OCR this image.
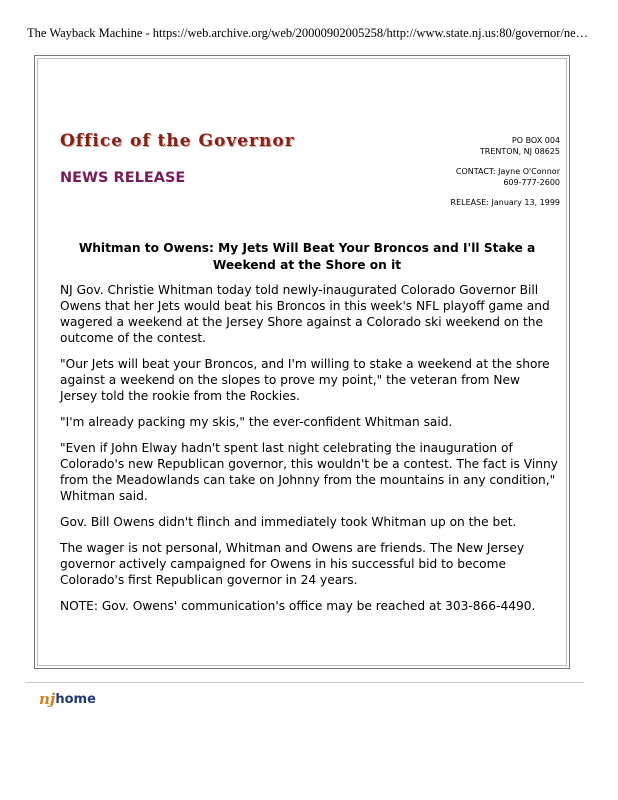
The Wayback Machine - https://web.archive.org/web/20000902005258/http://www.state.nj.us:80/governor/ne…
Office of the Governor
NEWS RELEASE
PO BOX 004
TRENTON, NJ 08625
CONTACT: Jayne O'Connor
609-777-2600
RELEASE: January 13, 1999
Whitman to Owens: My Jets Will Beat Your Broncos and I'll Stake a Weekend at the Shore on it

NJ Gov. Christie Whitman today told newly-inaugurated Colorado Governor Bill Owens that her Jets would beat his Broncos in this week's NFL playoff game and wagered a weekend at the Jersey Shore against a Colorado ski weekend on the outcome of the contest.

"Our Jets will beat your Broncos, and I'm willing to stake a weekend at the shore against a weekend on the slopes to prove my point," the veteran from New Jersey told the rookie from the Rockies.

"I'm already packing my skis," the ever-confident Whitman said.

"Even if John Elway hadn't spent last night celebrating the inauguration of Colorado's new Republican governor, this wouldn't be a contest. The fact is Vinny from the Meadowlands can take on Johnny from the mountains in any condition," Whitman said.

Gov. Bill Owens didn't flinch and immediately took Whitman up on the bet.

The wager is not personal, Whitman and Owens are friends. The New Jersey governor actively campaigned for Owens in his successful bid to become Colorado's first Republican governor in 24 years.

NOTE: Gov. Owens' communication's office may be reached at 303-866-4490.

nj home
